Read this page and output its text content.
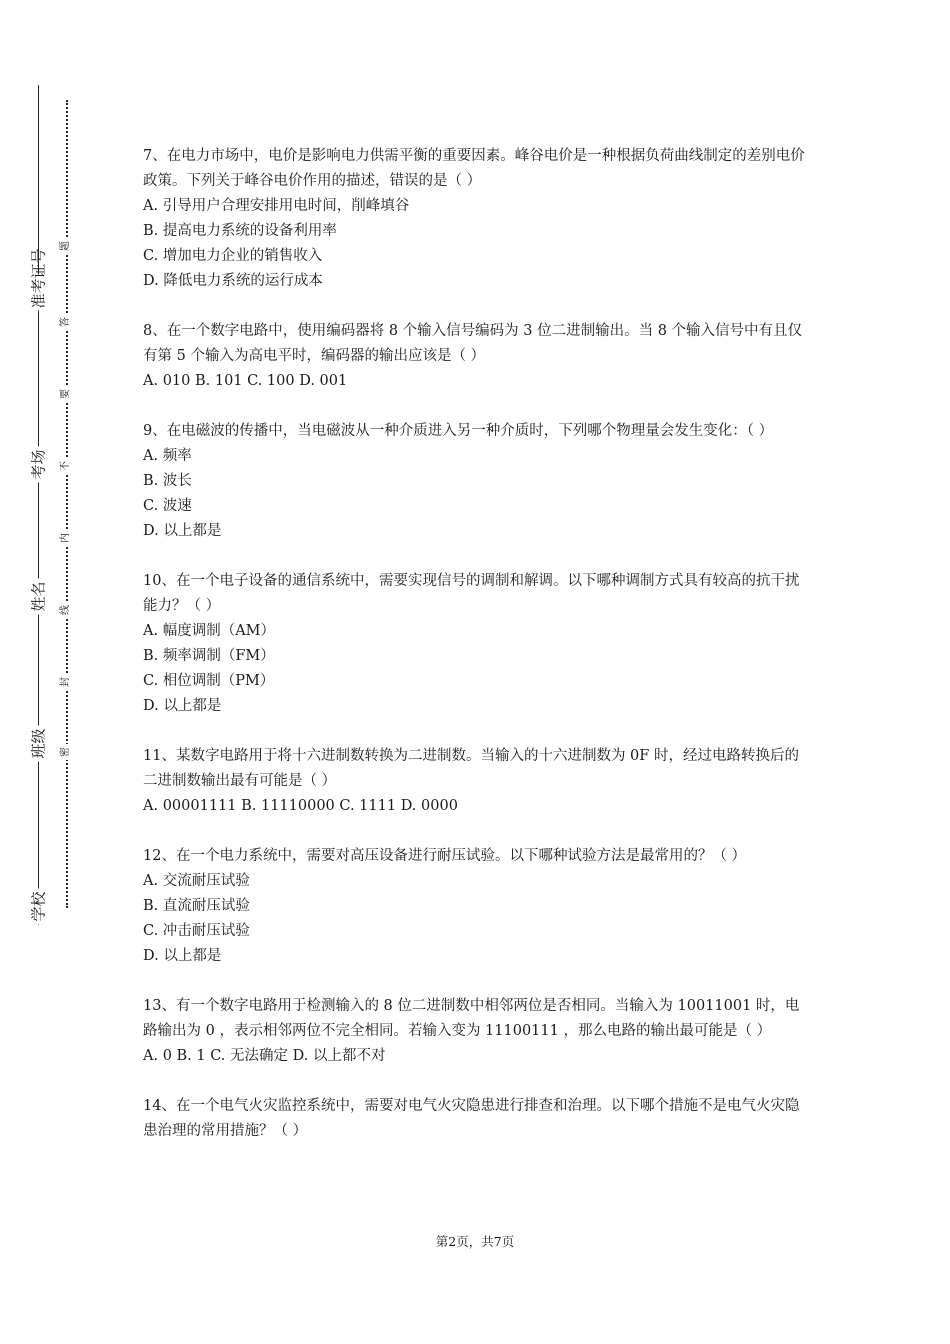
准考证号
考场
姓名
班级
学校
题
答
要
不
内
线
封
密

7、在电力市场中，电价是影响电力供需平衡的重要因素。峰谷电价是一种根据负荷曲线制定的差别电价政策。下列关于峰谷电价作用的描述，错误的是（ ）

A. 引导用户合理安排用电时间，削峰填谷
B. 提高电力系统的设备利用率
C. 增加电力企业的销售收入
D. 降低电力系统的运行成本

8、在一个数字电路中，使用编码器将 8 个输入信号编码为 3 位二进制输出。当 8 个输入信号中有且仅有第 5 个输入为高电平时，编码器的输出应该是（ ）

A. 010 B. 101 C. 100 D. 001

9、在电磁波的传播中，当电磁波从一种介质进入另一种介质时，下列哪个物理量会发生变化：（ ）

A. 频率
B. 波长
C. 波速
D. 以上都是

10、在一个电子设备的通信系统中，需要实现信号的调制和解调。以下哪种调制方式具有较高的抗干扰能力？（ ）

A. 幅度调制（AM）
B. 频率调制（FM）
C. 相位调制（PM）
D. 以上都是

11、某数字电路用于将十六进制数转换为二进制数。当输入的十六进制数为 0F 时，经过电路转换后的二进制数输出最有可能是（ ）

A. 00001111 B. 11110000 C. 1111 D. 0000

12、在一个电力系统中，需要对高压设备进行耐压试验。以下哪种试验方法是最常用的？（ ）

A. 交流耐压试验
B. 直流耐压试验
C. 冲击耐压试验
D. 以上都是

13、有一个数字电路用于检测输入的 8 位二进制数中相邻两位是否相同。当输入为 10011001 时，电路输出为 0 ，表示相邻两位不完全相同。若输入变为 11100111 ，那么电路的输出最可能是（ ）

A. 0 B. 1 C. 无法确定 D. 以上都不对

14、在一个电气火灾监控系统中，需要对电气火灾隐患进行排查和治理。以下哪个措施不是电气火灾隐患治理的常用措施？（ ）

第2页，共7页
